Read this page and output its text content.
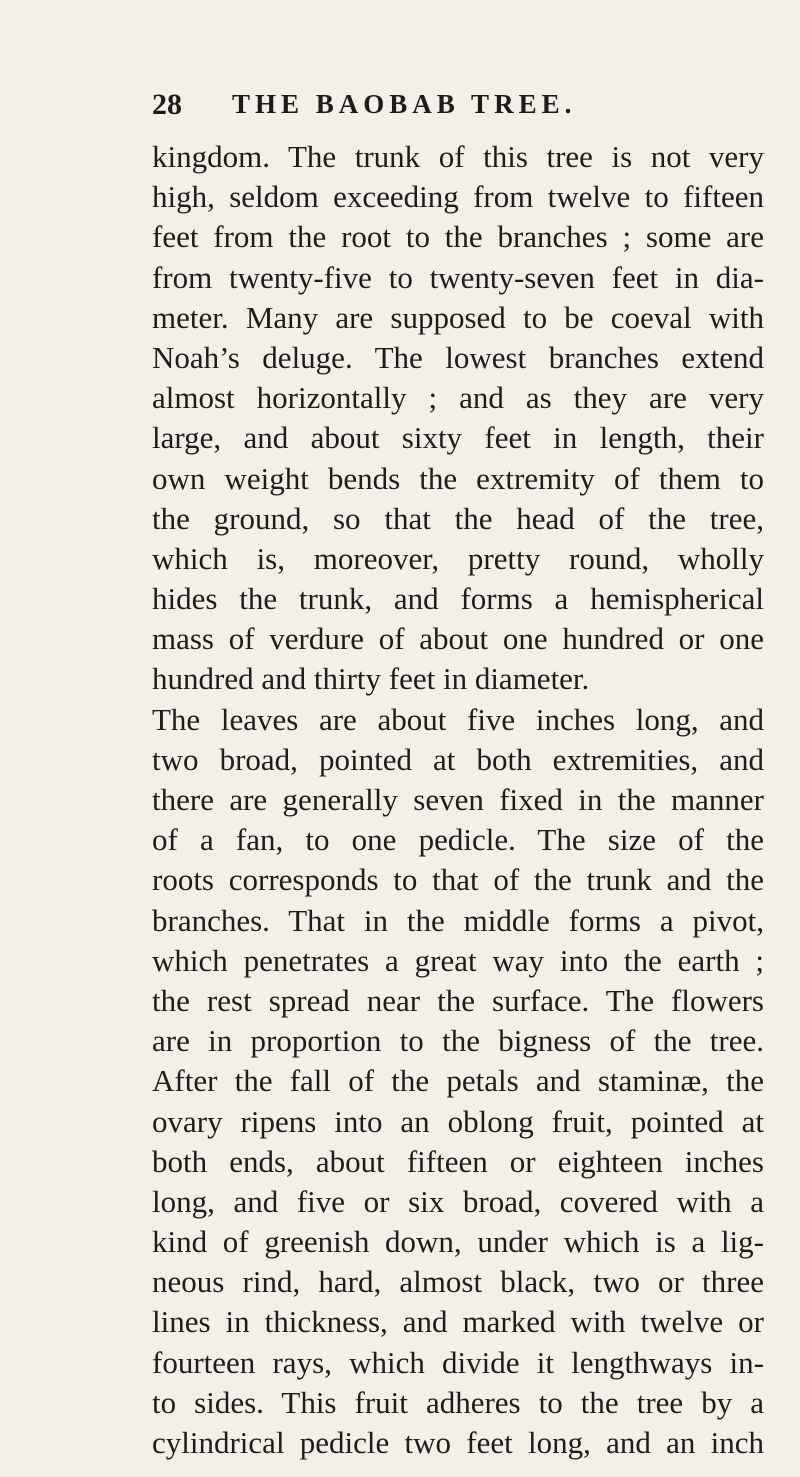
28 THE BAOBAB TREE.
kingdom. The trunk of this tree is not very
high, seldom exceeding from twelve to fifteen
feet from the root to the branches ; some are
from twenty-five to twenty-seven feet in dia-
meter. Many are supposed to be coeval with
Noah’s deluge. The lowest branches extend
almost horizontally ; and as they are very
large, and about sixty feet in length, their
own weight bends the extremity of them to
the ground, so that the head of the tree,
which is, moreover, pretty round, wholly
hides the trunk, and forms a hemispherical
mass of verdure of about one hundred or one
hundred and thirty feet in diameter.
The leaves are about five inches long, and
two broad, pointed at both extremities, and
there are generally seven fixed in the manner
of a fan, to one pedicle. The size of the
roots corresponds to that of the trunk and the
branches. That in the middle forms a pivot,
which penetrates a great way into the earth ;
the rest spread near the surface. The flowers
are in proportion to the bigness of the tree.
After the fall of the petals and staminæ, the
ovary ripens into an oblong fruit, pointed at
both ends, about fifteen or eighteen inches
long, and five or six broad, covered with a
kind of greenish down, under which is a lig-
neous rind, hard, almost black, two or three
lines in thickness, and marked with twelve or
fourteen rays, which divide it lengthways in-
to sides. This fruit adheres to the tree by a
cylindrical pedicle two feet long, and an inch
